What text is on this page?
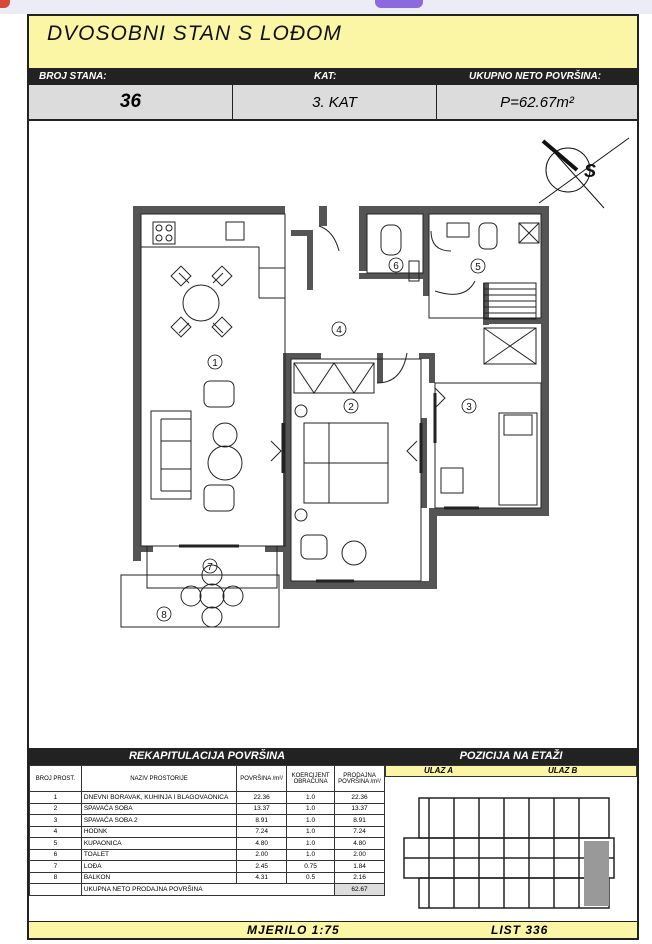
DVOSOBNI STAN S LOĐOM
BROJ STANA:	KAT:	UKUPNO NETO POVRŠINA:
36	3. KAT	P=62.67m²
S
1
2	3
4
5
6
7
8
REKAPITULACIJA POVRŠINA	POZICIJA NA ETAŽI
BROJ PROST.	NAZIV PROSTORIJE	POVRŠINA /m²/	KOERCIJENT OBRAČUNA	PRODAJNA POVRŠINA /m²/
1	DNEVNI BORAVAK, KUHINJA I BLAGOVAONICA	22.36	1.0	22.36
2	SPAVAĆA SOBA	13.37	1.0	13.37
3	SPAVAĆA SOBA 2	8.91	1.0	8.91
4	HODNK	7.24	1.0	7.24
5	KUPAONICA	4.80	1.0	4.80
6	TOALET	2.00	1.0	2.00
7	LOĐA	2.45	0.75	1.84
8	BALKON	4.31	0.5	2.16
	UKUPNA NETO PRODAJNA POVRŠINA			62.67
ULAZ A	ULAZ B
MJERILO 1:75	LIST 336
